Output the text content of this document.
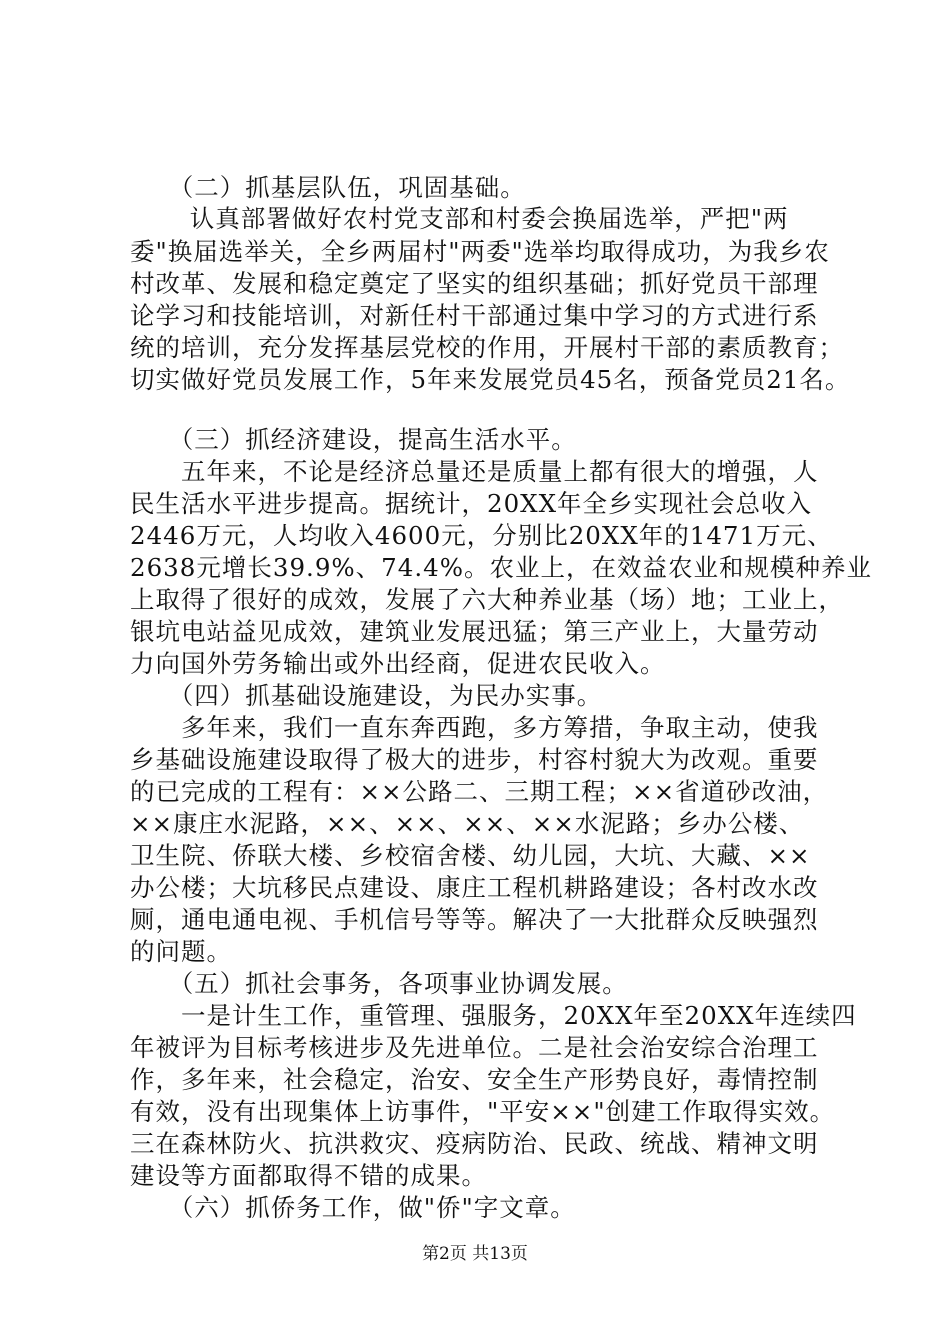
　　（二）抓基层队伍，巩固基础。
　　 认真部署做好农村党支部和村委会换届选举，严把"两
委"换届选举关，全乡两届村"两委"选举均取得成功，为我乡农
村改革、发展和稳定奠定了坚实的组织基础；抓好党员干部理
论学习和技能培训，对新任村干部通过集中学习的方式进行系
统的培训，充分发挥基层党校的作用，开展村干部的素质教育；
切实做好党员发展工作，5年来发展党员45名，预备党员21名。
　　（三）抓经济建设，提高生活水平。
　　五年来，不论是经济总量还是质量上都有很大的增强，人
民生活水平进步提高。据统计，20XX年全乡实现社会总收入
2446万元，人均收入4600元，分别比20XX年的1471万元、
2638元增长39.9%、74.4%。农业上，在效益农业和规模种养业
上取得了很好的成效，发展了六大种养业基（场）地；工业上，
银坑电站益见成效，建筑业发展迅猛；第三产业上，大量劳动
力向国外劳务输出或外出经商，促进农民收入。
　　（四）抓基础设施建设，为民办实事。
　　多年来，我们一直东奔西跑，多方筹措，争取主动，使我
乡基础设施建设取得了极大的进步，村容村貌大为改观。重要
的已完成的工程有：××公路二、三期工程；××省道砂改油，
××康庄水泥路，××、××、××、××水泥路；乡办公楼、
卫生院、侨联大楼、乡校宿舍楼、幼儿园，大坑、大藏、××
办公楼；大坑移民点建设、康庄工程机耕路建设；各村改水改
厕，通电通电视、手机信号等等。解决了一大批群众反映强烈
的问题。
　　（五）抓社会事务，各项事业协调发展。
　　一是计生工作，重管理、强服务，20XX年至20XX年连续四
年被评为目标考核进步及先进单位。二是社会治安综合治理工
作，多年来，社会稳定，治安、安全生产形势良好，毒情控制
有效，没有出现集体上访事件，"平安××"创建工作取得实效。
三在森林防火、抗洪救灾、疫病防治、民政、统战、精神文明
建设等方面都取得不错的成果。
　　（六）抓侨务工作，做"侨"字文章。
第2页 共13页
